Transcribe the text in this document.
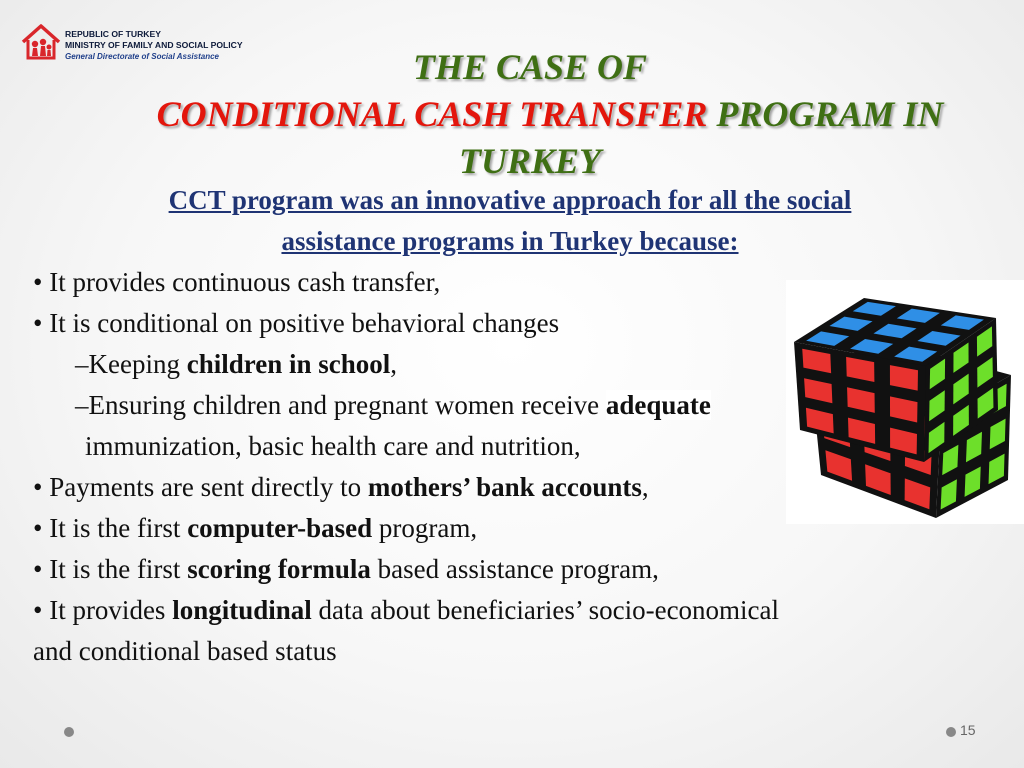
REPUBLIC OF TURKEY
MINISTRY OF FAMILY AND SOCIAL POLICY
General Directorate of Social Assistance	THE CASE OF
CONDITIONAL CASH TRANSFER PROGRAM IN
TURKEY
CCT program was an innovative approach for all the social
assistance programs in Turkey because:
• It provides continuous cash transfer,
• It is conditional on positive behavioral changes
–Keeping children in school,
–Ensuring children and pregnant women receive adequate
immunization, basic health care and nutrition,
• Payments are sent directly to mothers’ bank accounts,
• It is the first computer-based program,
• It is the first scoring formula based assistance program,
• It provides longitudinal data about beneficiaries’ socio-economical
and conditional based status
15
